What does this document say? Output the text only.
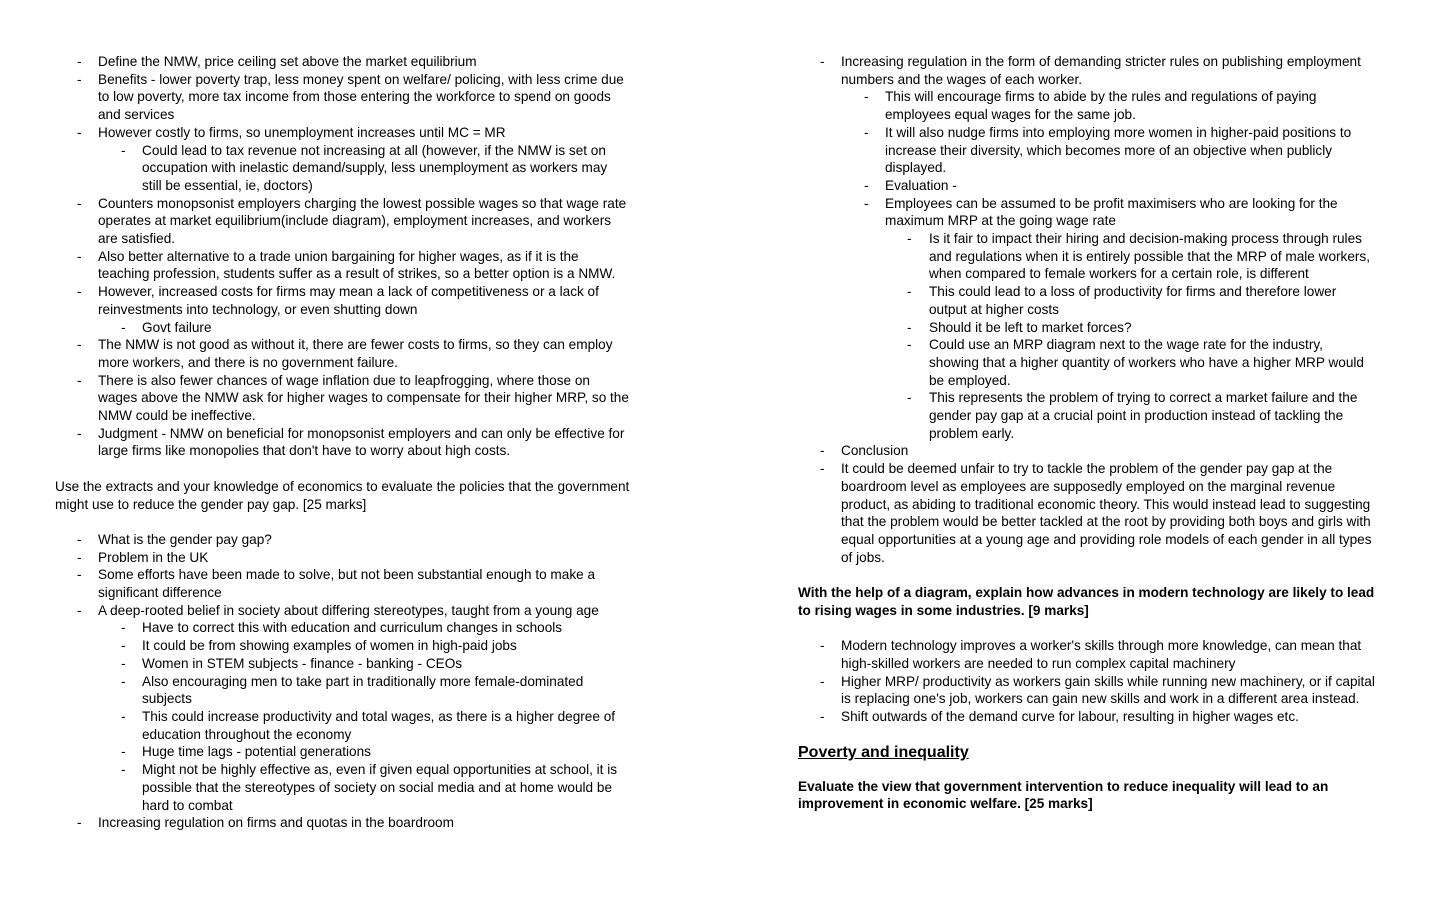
- Define the NMW, price ceiling set above the market equilibrium
- Benefits - lower poverty trap, less money spent on welfare/ policing, with less crime due to low poverty, more tax income from those entering the workforce to spend on goods and services
- However costly to firms, so unemployment increases until MC = MR
- Could lead to tax revenue not increasing at all (however, if the NMW is set on occupation with inelastic demand/supply, less unemployment as workers may still be essential, ie, doctors)
- Counters monopsonist employers charging the lowest possible wages so that wage rate operates at market equilibrium(include diagram), employment increases, and workers are satisfied.
- Also better alternative to a trade union bargaining for higher wages, as if it is the teaching profession, students suffer as a result of strikes, so a better option is a NMW.
- However, increased costs for firms may mean a lack of competitiveness or a lack of reinvestments into technology, or even shutting down
- Govt failure
- The NMW is not good as without it, there are fewer costs to firms, so they can employ more workers, and there is no government failure.
- There is also fewer chances of wage inflation due to leapfrogging, where those on wages above the NMW ask for higher wages to compensate for their higher MRP, so the NMW could be ineffective.
- Judgment - NMW on beneficial for monopsonist employers and can only be effective for large firms like monopolies that don't have to worry about high costs.

Use the extracts and your knowledge of economics to evaluate the policies that the government might use to reduce the gender pay gap. [25 marks]

- What is the gender pay gap?
- Problem in the UK
- Some efforts have been made to solve, but not been substantial enough to make a significant difference
- A deep-rooted belief in society about differing stereotypes, taught from a young age
- Have to correct this with education and curriculum changes in schools
- It could be from showing examples of women in high-paid jobs
- Women in STEM subjects - finance - banking - CEOs
- Also encouraging men to take part in traditionally more female-dominated subjects
- This could increase productivity and total wages, as there is a higher degree of education throughout the economy
- Huge time lags - potential generations
- Might not be highly effective as, even if given equal opportunities at school, it is possible that the stereotypes of society on social media and at home would be hard to combat
- Increasing regulation on firms and quotas in the boardroom
- Increasing regulation in the form of demanding stricter rules on publishing employment numbers and the wages of each worker.
- This will encourage firms to abide by the rules and regulations of paying employees equal wages for the same job.
- It will also nudge firms into employing more women in higher-paid positions to increase their diversity, which becomes more of an objective when publicly displayed.
- Evaluation -
- Employees can be assumed to be profit maximisers who are looking for the maximum MRP at the going wage rate
- Is it fair to impact their hiring and decision-making process through rules and regulations when it is entirely possible that the MRP of male workers, when compared to female workers for a certain role, is different
- This could lead to a loss of productivity for firms and therefore lower output at higher costs
- Should it be left to market forces?
- Could use an MRP diagram next to the wage rate for the industry, showing that a higher quantity of workers who have a higher MRP would be employed.
- This represents the problem of trying to correct a market failure and the gender pay gap at a crucial point in production instead of tackling the problem early.
- Conclusion
- It could be deemed unfair to try to tackle the problem of the gender pay gap at the boardroom level as employees are supposedly employed on the marginal revenue product, as abiding to traditional economic theory. This would instead lead to suggesting that the problem would be better tackled at the root by providing both boys and girls with equal opportunities at a young age and providing role models of each gender in all types of jobs.

With the help of a diagram, explain how advances in modern technology are likely to lead to rising wages in some industries. [9 marks]

- Modern technology improves a worker's skills through more knowledge, can mean that high-skilled workers are needed to run complex capital machinery
- Higher MRP/ productivity as workers gain skills while running new machinery, or if capital is replacing one's job, workers can gain new skills and work in a different area instead.
- Shift outwards of the demand curve for labour, resulting in higher wages etc.

Poverty and inequality

Evaluate the view that government intervention to reduce inequality will lead to an improvement in economic welfare. [25 marks]
